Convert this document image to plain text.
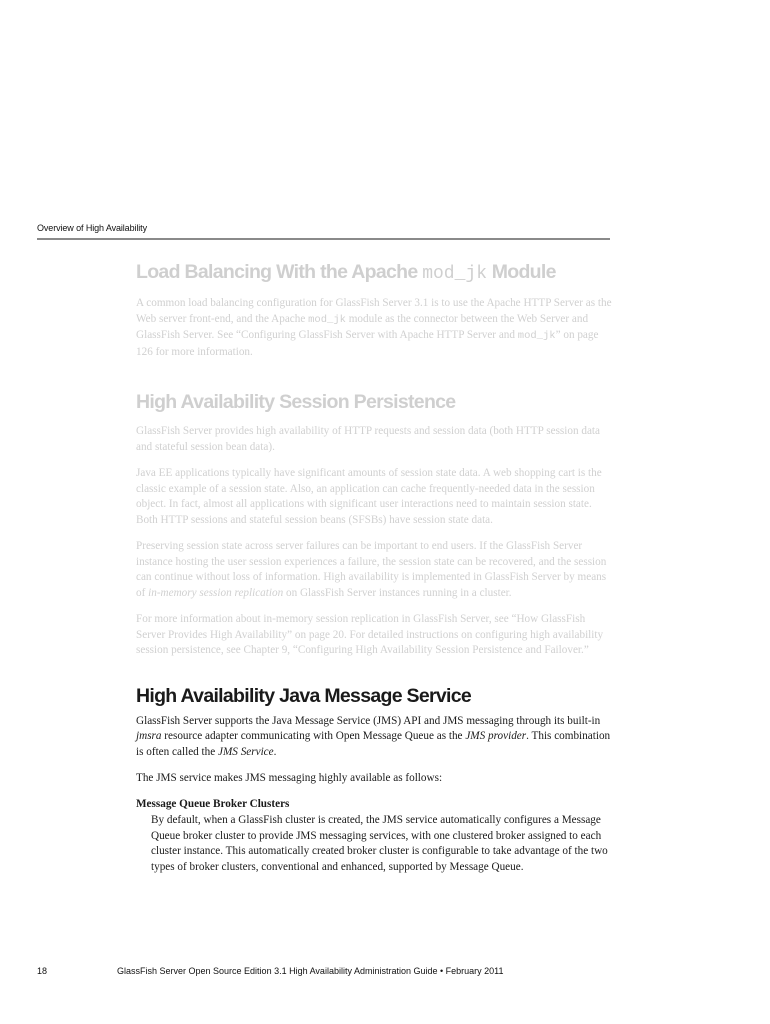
Overview of High Availability
Load Balancing With the Apache mod_jk Module

A common load balancing configuration for GlassFish Server 3.1 is to use the Apache HTTP Server as the Web server front-end, and the Apache mod_jk module as the connector between the Web Server and GlassFish Server. See “Configuring GlassFish Server with Apache HTTP Server and mod_jk” on page 126 for more information.

High Availability Session Persistence

GlassFish Server provides high availability of HTTP requests and session data (both HTTP session data and stateful session bean data).

Java EE applications typically have significant amounts of session state data. A web shopping cart is the classic example of a session state. Also, an application can cache frequently-needed data in the session object. In fact, almost all applications with significant user interactions need to maintain session state. Both HTTP sessions and stateful session beans (SFSBs) have session state data.

Preserving session state across server failures can be important to end users. If the GlassFish Server instance hosting the user session experiences a failure, the session state can be recovered, and the session can continue without loss of information. High availability is implemented in GlassFish Server by means of in-memory session replication on GlassFish Server instances running in a cluster.

For more information about in-memory session replication in GlassFish Server, see “How GlassFish Server Provides High Availability” on page 20. For detailed instructions on configuring high availability session persistence, see Chapter 9, “Configuring High Availability Session Persistence and Failover.”

High Availability Java Message Service

GlassFish Server supports the Java Message Service (JMS) API and JMS messaging through its built-in jmsra resource adapter communicating with Open Message Queue as the JMS provider. This combination is often called the JMS Service.

The JMS service makes JMS messaging highly available as follows:

Message Queue Broker Clusters
By default, when a GlassFish cluster is created, the JMS service automatically configures a Message Queue broker cluster to provide JMS messaging services, with one clustered broker assigned to each cluster instance. This automatically created broker cluster is configurable to take advantage of the two types of broker clusters, conventional and enhanced, supported by Message Queue.
18	GlassFish Server Open Source Edition 3.1 High Availability Administration Guide • February 2011
